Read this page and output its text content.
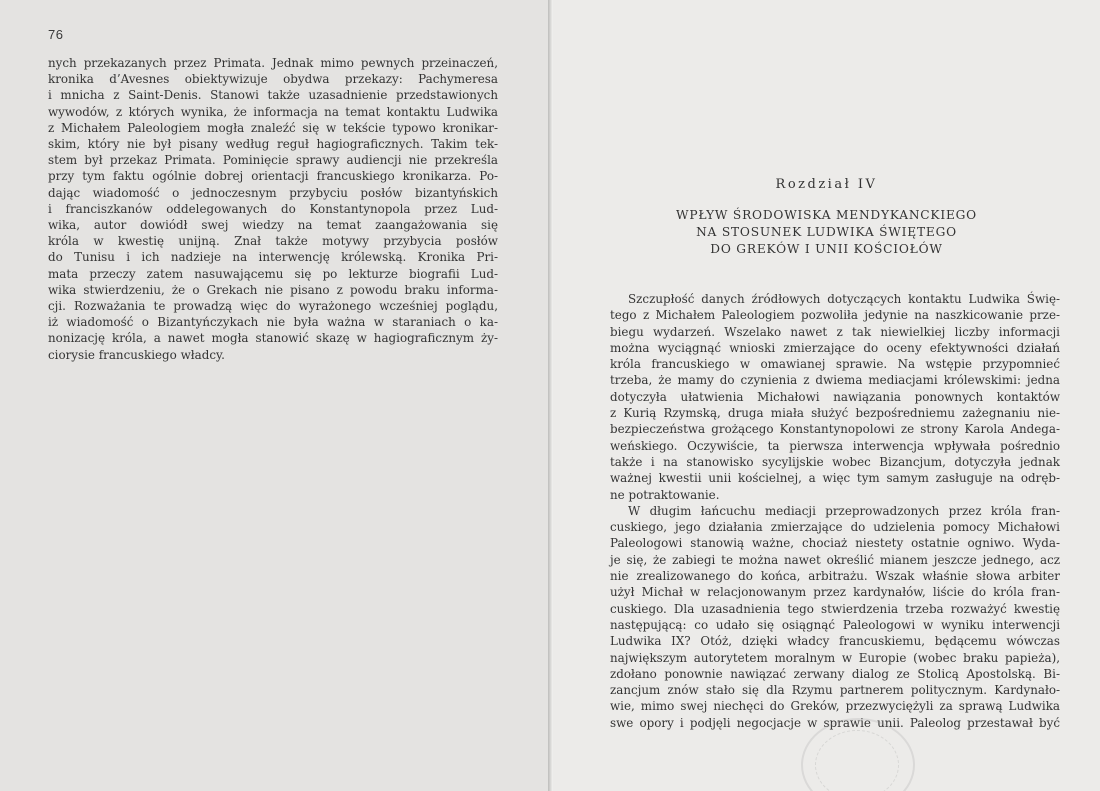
76
nych przekazanych przez Primata. Jednak mimo pewnych przeinaczeń,
kronika d’Avesnes obiektywizuje obydwa przekazy: Pachymeresa
i mnicha z Saint-Denis. Stanowi także uzasadnienie przedstawionych
wywodów, z których wynika, że informacja na temat kontaktu Ludwika
z Michałem Paleologiem mogła znaleźć się w tekście typowo kronikar-
skim, który nie był pisany według reguł hagiograficznych. Takim tek-
stem był przekaz Primata. Pominięcie sprawy audiencji nie przekreśla
przy tym faktu ogólnie dobrej orientacji francuskiego kronikarza. Po-
dając wiadomość o jednoczesnym przybyciu posłów bizantyńskich
i franciszkanów oddelegowanych do Konstantynopola przez Lud-
wika, autor dowiódł swej wiedzy na temat zaangażowania się
króla w kwestię unijną. Znał także motywy przybycia posłów
do Tunisu i ich nadzieje na interwencję królewską. Kronika Pri-
mata przeczy zatem nasuwającemu się po lekturze biografii Lud-
wika stwierdzeniu, że o Grekach nie pisano z powodu braku informa-
cji. Rozważania te prowadzą więc do wyrażonego wcześniej poglądu,
iż wiadomość o Bizantyńczykach nie była ważna w staraniach o ka-
nonizację króla, a nawet mogła stanowić skazę w hagiograficznym ży-
ciorysie francuskiego władcy.
Rozdział IV
WPŁYW ŚRODOWISKA MENDYKANCKIEGO
NA STOSUNEK LUDWIKA ŚWIĘTEGO
DO GREKÓW I UNII KOŚCIOŁÓW
Szczupłość danych źródłowych dotyczących kontaktu Ludwika Świę-
tego z Michałem Paleologiem pozwoliła jedynie na naszkicowanie prze-
biegu wydarzeń. Wszelako nawet z tak niewielkiej liczby informacji
można wyciągnąć wnioski zmierzające do oceny efektywności działań
króla francuskiego w omawianej sprawie. Na wstępie przypomnieć
trzeba, że mamy do czynienia z dwiema mediacjami królewskimi: jedna
dotyczyła ułatwienia Michałowi nawiązania ponownych kontaktów
z Kurią Rzymską, druga miała służyć bezpośredniemu zażegnaniu nie-
bezpieczeństwa grożącego Konstantynopolowi ze strony Karola Andega-
weńskiego. Oczywiście, ta pierwsza interwencja wpływała pośrednio
także i na stanowisko sycylijskie wobec Bizancjum, dotyczyła jednak
ważnej kwestii unii kościelnej, a więc tym samym zasługuje na odręb-
ne potraktowanie.
W długim łańcuchu mediacji przeprowadzonych przez króla fran-
cuskiego, jego działania zmierzające do udzielenia pomocy Michałowi
Paleologowi stanowią ważne, chociaż niestety ostatnie ogniwo. Wyda-
je się, że zabiegi te można nawet określić mianem jeszcze jednego, acz
nie zrealizowanego do końca, arbitrażu. Wszak właśnie słowa arbiter
użył Michał w relacjonowanym przez kardynałów, liście do króla fran-
cuskiego. Dla uzasadnienia tego stwierdzenia trzeba rozważyć kwestię
następującą: co udało się osiągnąć Paleologowi w wyniku interwencji
Ludwika IX? Otóż, dzięki władcy francuskiemu, będącemu wówczas
największym autorytetem moralnym w Europie (wobec braku papieża),
zdołano ponownie nawiązać zerwany dialog ze Stolicą Apostolską. Bi-
zancjum znów stało się dla Rzymu partnerem politycznym. Kardynało-
wie, mimo swej niechęci do Greków, przezwyciężyli za sprawą Ludwika
swe opory i podjęli negocjacje w sprawie unii. Paleolog przestawał być
